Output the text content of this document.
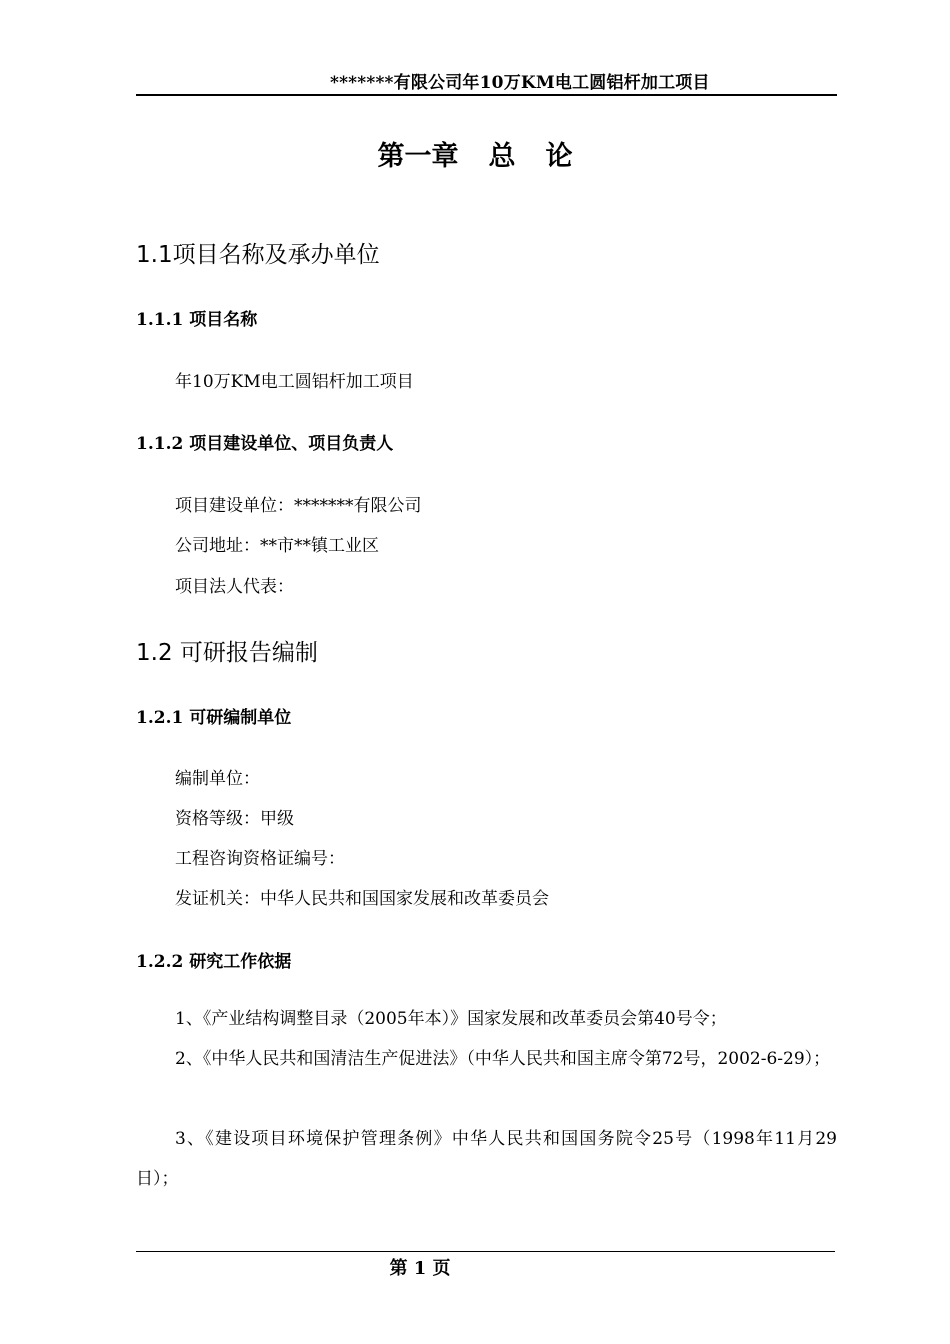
*******有限公司年10万KM电工圆铝杆加工项目
第一章 总 论
1.1项目名称及承办单位
1.1.1 项目名称
年10万KM电工圆铝杆加工项目
1.1.2 项目建设单位、项目负责人
项目建设单位：*******有限公司
公司地址：**市**镇工业区
项目法人代表：
1.2 可研报告编制
1.2.1 可研编制单位
编制单位：
资格等级：甲级
工程咨询资格证编号：
发证机关：中华人民共和国国家发展和改革委员会
1.2.2 研究工作依据
1、《产业结构调整目录（2005年本）》国家发展和改革委员会第40号令；
2、《中华人民共和国清洁生产促进法》（中华人民共和国主席令第72号，2002-6-29）；
3、《建设项目环境保护管理条例》中华人民共和国国务院令25号（1998年11月29日）；
第 1 页
